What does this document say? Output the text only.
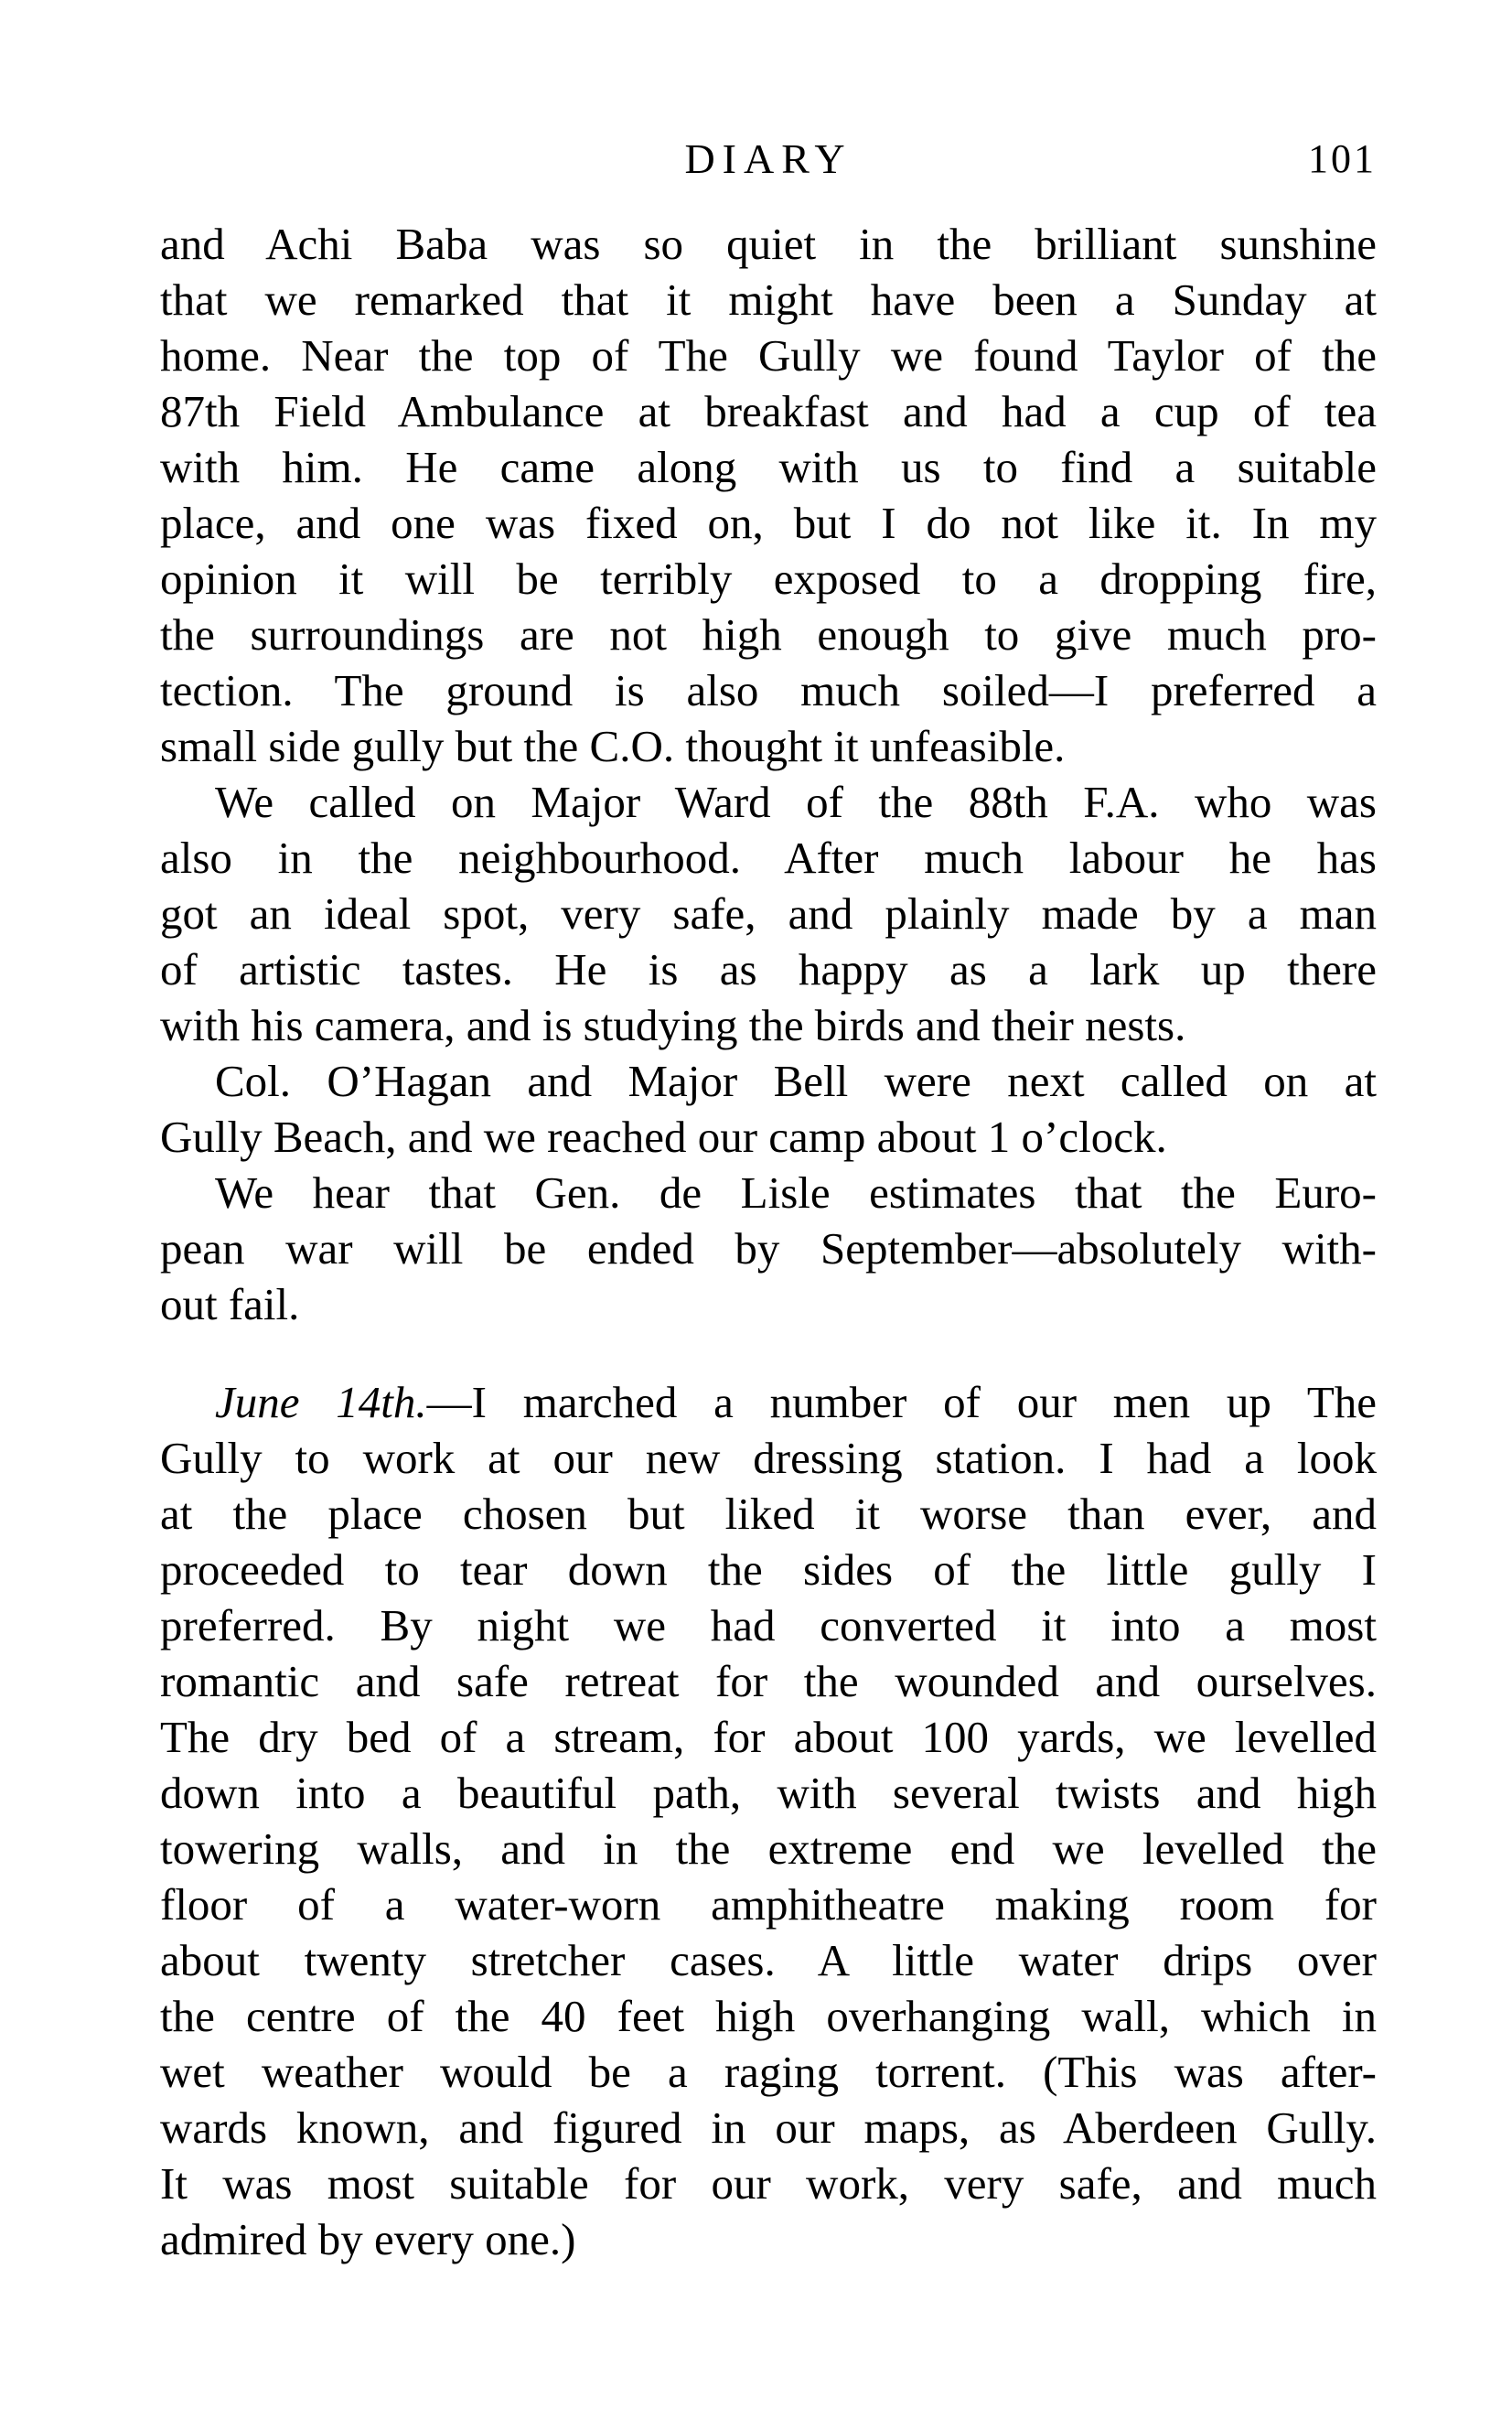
DIARY	101
and Achi Baba was so quiet in the brilliant sunshine
that we remarked that it might have been a Sunday at
home. Near the top of The Gully we found Taylor of the
87th Field Ambulance at breakfast and had a cup of tea
with him. He came along with us to find a suitable
place, and one was fixed on, but I do not like it. In my
opinion it will be terribly exposed to a dropping fire,
the surroundings are not high enough to give much pro-
tection. The ground is also much soiled—I preferred a
small side gully but the C.O. thought it unfeasible.
We called on Major Ward of the 88th F.A. who was
also in the neighbourhood. After much labour he has
got an ideal spot, very safe, and plainly made by a man
of artistic tastes. He is as happy as a lark up there
with his camera, and is studying the birds and their nests.
Col. O’Hagan and Major Bell were next called on at
Gully Beach, and we reached our camp about 1 o’clock.
We hear that Gen. de Lisle estimates that the Euro-
pean war will be ended by September—absolutely with-
out fail.
June 14th.—I marched a number of our men up The
Gully to work at our new dressing station. I had a look
at the place chosen but liked it worse than ever, and
proceeded to tear down the sides of the little gully I
preferred. By night we had converted it into a most
romantic and safe retreat for the wounded and ourselves.
The dry bed of a stream, for about 100 yards, we levelled
down into a beautiful path, with several twists and high
towering walls, and in the extreme end we levelled the
floor of a water-worn amphitheatre making room for
about twenty stretcher cases. A little water drips over
the centre of the 40 feet high overhanging wall, which in
wet weather would be a raging torrent. (This was after-
wards known, and figured in our maps, as Aberdeen Gully.
It was most suitable for our work, very safe, and much
admired by every one.)
